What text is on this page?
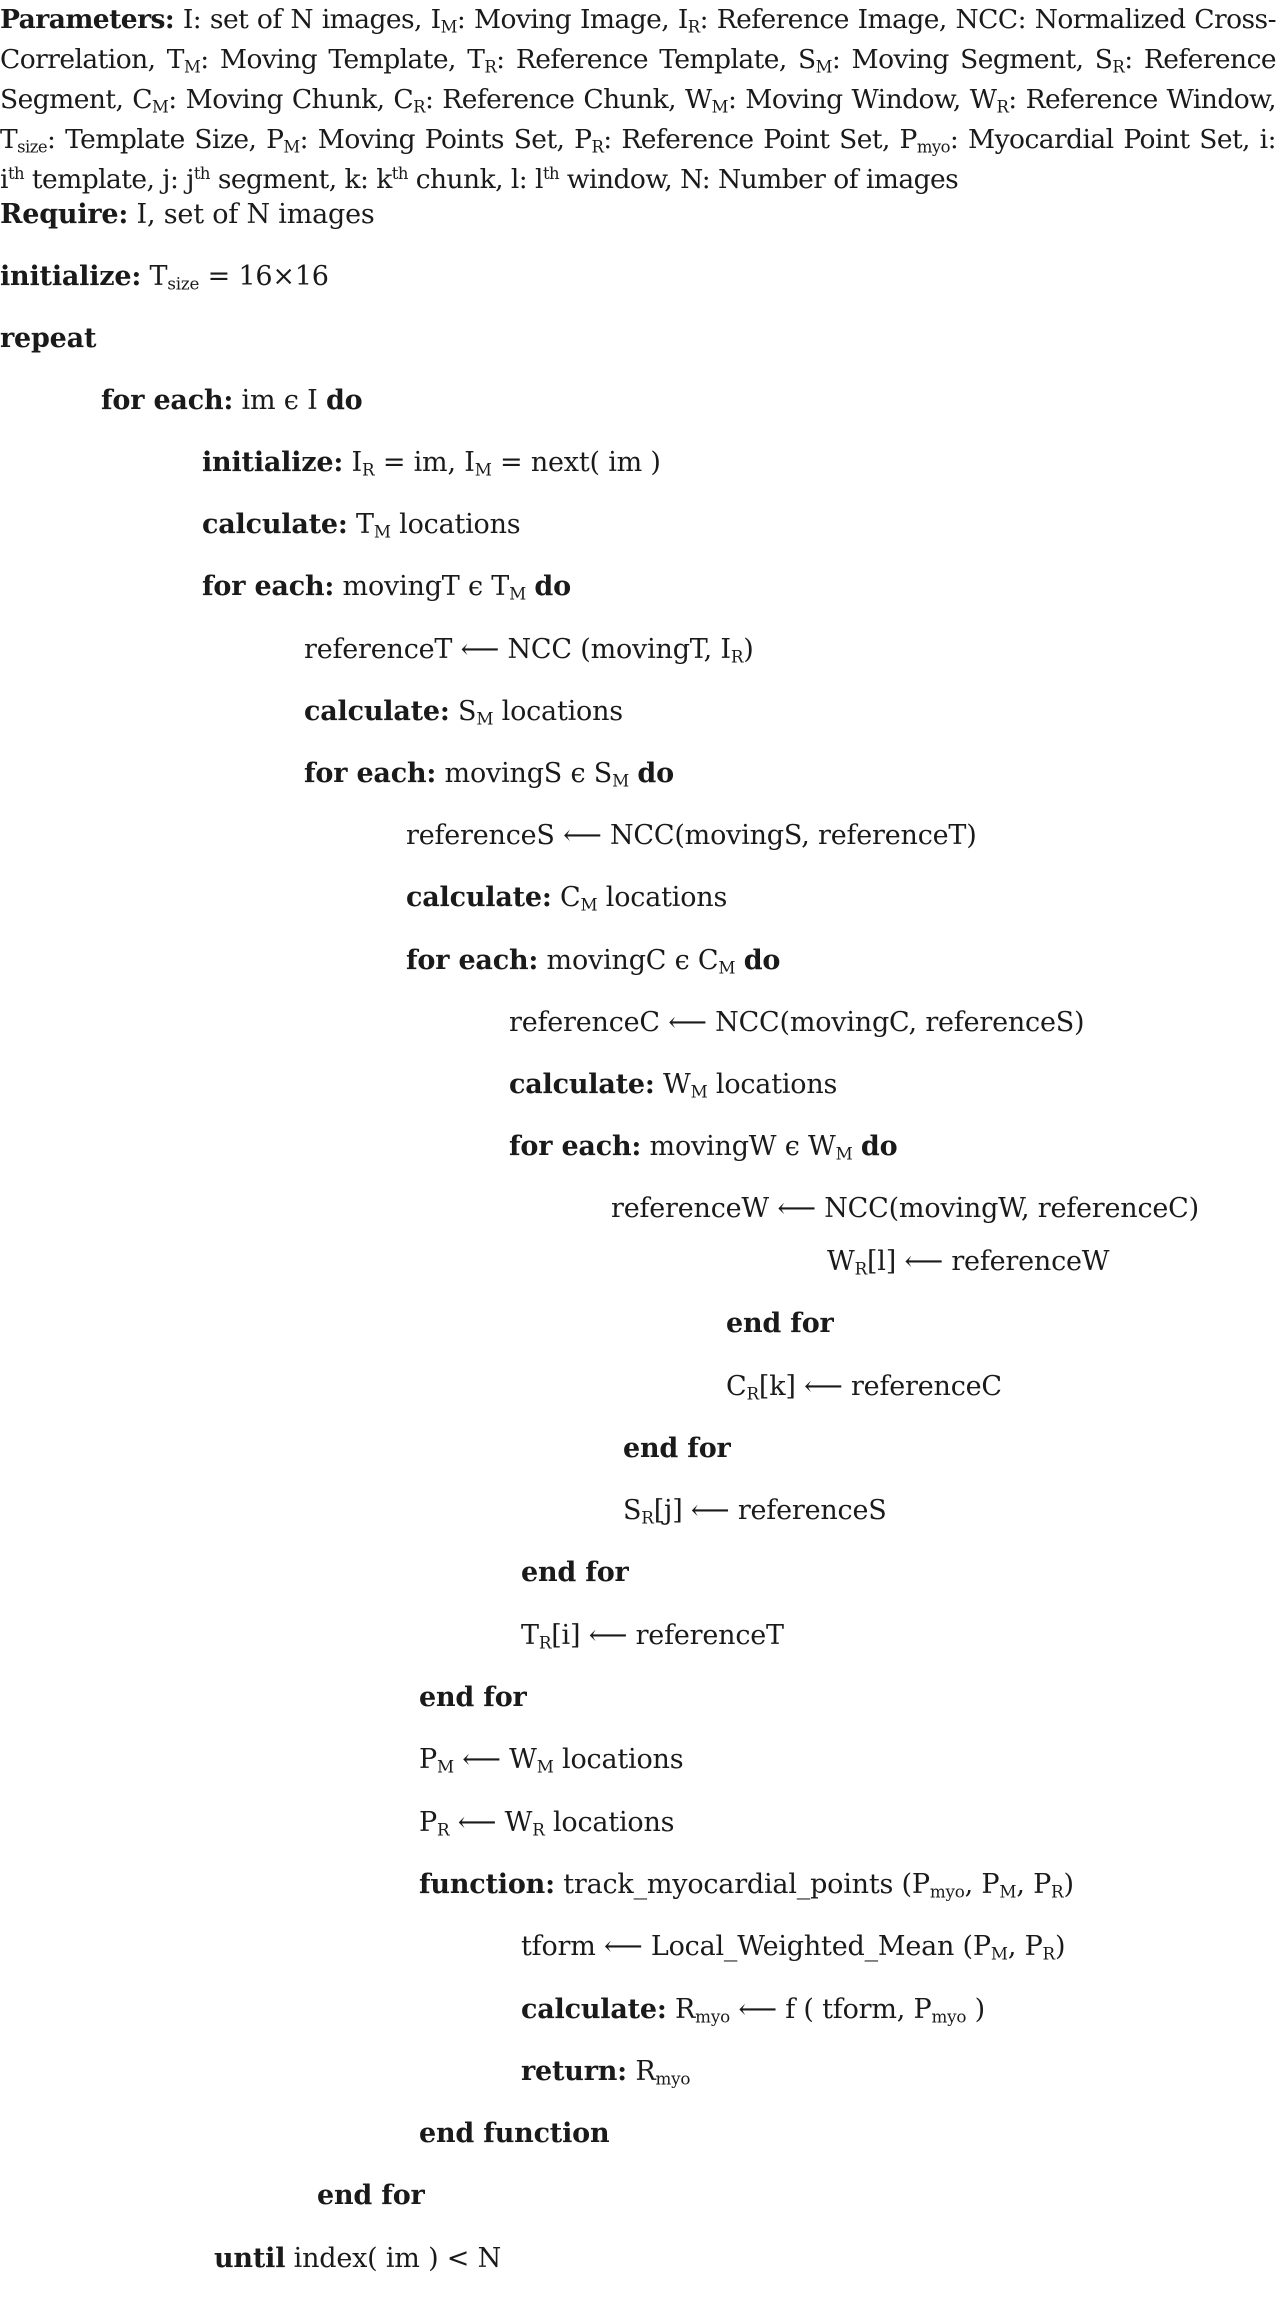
Parameters: I: set of N images, $I_M$: Moving Image, $I_R$: Reference Image, NCC: Normalized Cross-Correlation, $T_M$: Moving Template, $T_R$: Reference Template, $S_M$: Moving Segment, $S_R$: Reference Segment, $C_M$: Moving Chunk, $C_R$: Reference Chunk, $W_M$: Moving Window, $W_R$: Reference Window, $T_{size}$: Template Size, $P_M$: Moving Points Set, $P_R$: Reference Point Set, $P_{myo}$: Myocardial Point Set, i: $i^{th}$ template, j: $j^{th}$ segment, k: $k^{th}$ chunk, l: $l^{th}$ window, N: Number of images

Require: I, set of N images
initialize: $T_{size} = 16\times 16$
repeat
for each: im ϵ I do
initialize: $I_R$ = im, $I_M$ = next( im )
calculate: $T_M$ locations
for each: movingT ϵ $T_M$ do
referenceT ⟵ NCC (movingT, $I_R$)
calculate: $S_M$ locations
for each: movingS ϵ $S_M$ do
referenceS ⟵ NCC(movingS, referenceT)
calculate: $C_M$ locations
for each: movingC ϵ $C_M$ do
referenceC ⟵ NCC(movingC, referenceS)
calculate: $W_M$ locations
for each: movingW ϵ $W_M$ do
referenceW ⟵ NCC(movingW, referenceC)
$W_R[l]$ ⟵ referenceW
end for
$C_R[k]$ ⟵ referenceC
end for
$S_R[j]$ ⟵ referenceS
end for
$T_R[i]$ ⟵ referenceT
end for
$P_M$ ⟵ $W_M$ locations
$P_R$ ⟵ $W_R$ locations
function: track_myocardial_points ($P_{myo}$, $P_M$, $P_R$)
tform ⟵ Local_Weighted_Mean ($P_M$, $P_R$)
calculate: $R_{myo}$ ⟵ f ( tform, $P_{myo}$ )
return: $R_{myo}$
end function
end for
until index( im ) < N
